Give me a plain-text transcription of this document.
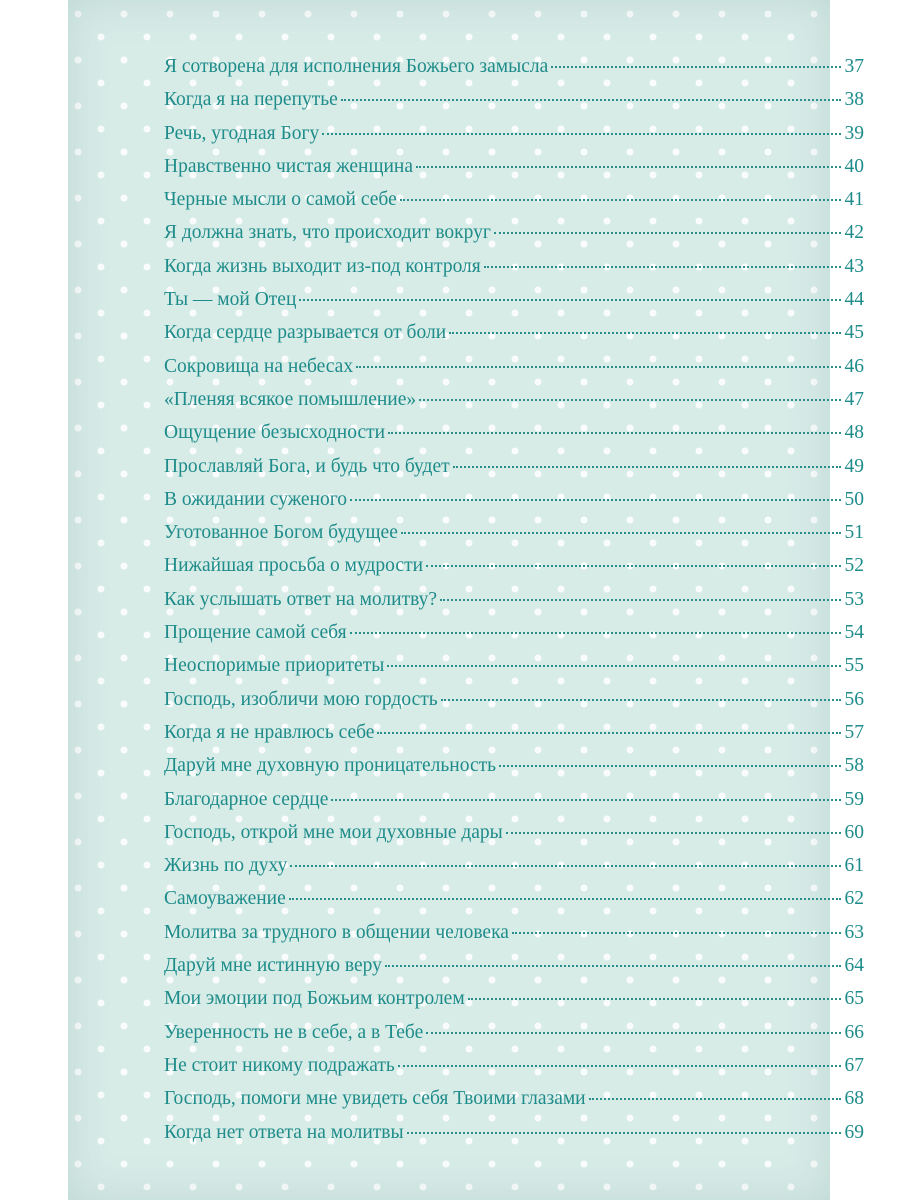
Я сотворена для исполнения Божьего замысла	37
Когда я на перепутье	38
Речь, угодная Богу	39
Нравственно чистая женщина	40
Черные мысли о самой себе	41
Я должна знать, что происходит вокруг	42
Когда жизнь выходит из-под контроля	43
Ты — мой Отец	44
Когда сердце разрывается от боли	45
Сокровища на небесах	46
«Пленяя всякое помышление»	47
Ощущение безысходности	48
Прославляй Бога, и будь что будет	49
В ожидании суженого	50
Уготованное Богом будущее	51
Нижайшая просьба о мудрости	52
Как услышать ответ на молитву?	53
Прощение самой себя	54
Неоспоримые приоритеты	55
Господь, изобличи мою гордость	56
Когда я не нравлюсь себе	57
Даруй мне духовную проницательность	58
Благодарное сердце	59
Господь, открой мне мои духовные дары	60
Жизнь по духу	61
Самоуважение	62
Молитва за трудного в общении человека	63
Даруй мне истинную веру	64
Мои эмоции под Божьим контролем	65
Уверенность не в себе, а в Тебе	66
Не стоит никому подражать	67
Господь, помоги мне увидеть себя Твоими глазами	68
Когда нет ответа на молитвы	69
